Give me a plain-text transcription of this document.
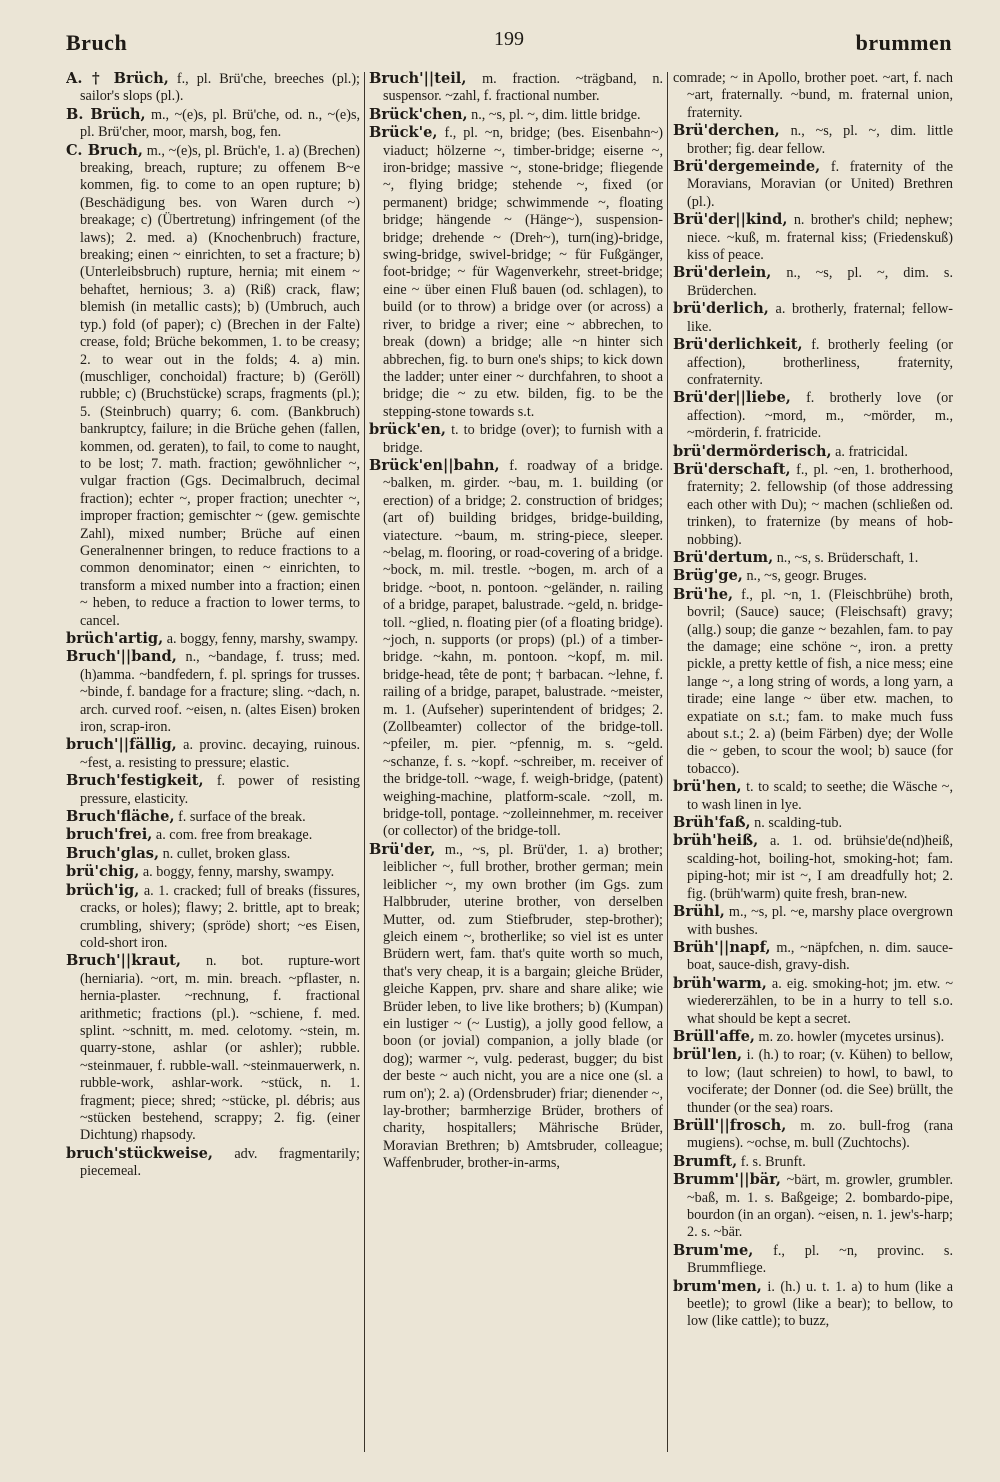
Bruch	199	brummen

A. † Brüch, f., pl. Brü'che, breeches (pl.); sailor's slops (pl.).

B. Brüch, m., ~(e)s, pl. Brü'che, od. n., ~(e)s, pl. Brü'cher, moor, marsh, bog, fen.

C. Bruch, m., ~(e)s, pl. Brüch'e, 1. a) (Brechen) breaking, breach, rupture; zu offenem B~e kommen, fig. to come to an open rupture; b) (Beschädigung bes. von Waren durch ~) breakage; c) (Übertretung) infringement (of the laws); 2. med. a) (Knochenbruch) fracture, breaking; einen ~ einrichten, to set a fracture; b) (Unterleibsbruch) rupture, hernia; mit einem ~ behaftet, hernious; 3. a) (Riß) crack, flaw; blemish (in metallic casts); b) (Umbruch, auch typ.) fold (of paper); c) (Brechen in der Falte) crease, fold; Brüche bekommen, 1. to be creasy; 2. to wear out in the folds; 4. a) min. (muschliger, conchoidal) fracture; b) (Geröll) rubble; c) (Bruchstücke) scraps, fragments (pl.); 5. (Steinbruch) quarry; 6. com. (Bankbruch) bankruptcy, failure; in die Brüche gehen (fallen, kommen, od. geraten), to fail, to come to naught, to be lost; 7. math. fraction; gewöhnlicher ~, vulgar fraction (Ggs. Decimalbruch, decimal fraction); echter ~, proper fraction; unechter ~, improper fraction; gemischter ~ (gew. gemischte Zahl), mixed number; Brüche auf einen Generalnenner bringen, to reduce fractions to a common denominator; einen ~ einrichten, to transform a mixed number into a fraction; einen ~ heben, to reduce a fraction to lower terms, to cancel.

brüch'artig, a. boggy, fenny, marshy, swampy.

Bruch'||band, n., ~bandage, f. truss; med. (h)amma. ~bandfedern, f. pl. springs for trusses. ~binde, f. bandage for a fracture; sling. ~dach, n. arch. curved roof. ~eisen, n. (altes Eisen) broken iron, scrap-iron.

bruch'||fällig, a. provinc. decaying, ruinous. ~fest, a. resisting to pressure; elastic.

Bruch'festigkeit, f. power of resisting pressure, elasticity.

Bruch'fläche, f. surface of the break.

bruch'frei, a. com. free from breakage.

Bruch'glas, n. cullet, broken glass.

brü'chig, a. boggy, fenny, marshy, swampy.

brüch'ig, a. 1. cracked; full of breaks (fissures, cracks, or holes); flawy; 2. brittle, apt to break; crumbling, shivery; (spröde) short; ~es Eisen, cold-short iron.

Bruch'||kraut, n. bot. rupture-wort (herniaria). ~ort, m. min. breach. ~pflaster, n. hernia-plaster. ~rechnung, f. fractional arithmetic; fractions (pl.). ~schiene, f. med. splint. ~schnitt, m. med. celotomy. ~stein, m. quarry-stone, ashlar (or ashler); rubble. ~steinmauer, f. rubble-wall. ~steinmauerwerk, n. rubble-work, ashlar-work. ~stück, n. 1. fragment; piece; shred; ~stücke, pl. débris; aus ~stücken bestehend, scrappy; 2. fig. (einer Dichtung) rhapsody.

bruch'stückweise, adv. fragmentarily; piecemeal.

Bruch'||teil, m. fraction. ~trägband, n. suspensor. ~zahl, f. fractional number.

Brück'chen, n., ~s, pl. ~, dim. little bridge.

Brück'e, f., pl. ~n, bridge; (bes. Eisenbahn~) viaduct; hölzerne ~, timber-bridge; eiserne ~, iron-bridge; massive ~, stone-bridge; fliegende ~, flying bridge; stehende ~, fixed (or permanent) bridge; schwimmende ~, floating bridge; hängende ~ (Hänge~), suspension-bridge; drehende ~ (Dreh~), turn(ing)-bridge, swing-bridge, swivel-bridge; ~ für Fußgänger, foot-bridge; ~ für Wagenverkehr, street-bridge; eine ~ über einen Fluß bauen (od. schlagen), to build (or to throw) a bridge over (or across) a river, to bridge a river; eine ~ abbrechen, to break (down) a bridge; alle ~n hinter sich abbrechen, fig. to burn one's ships; to kick down the ladder; unter einer ~ durchfahren, to shoot a bridge; die ~ zu etw. bilden, fig. to be the stepping-stone towards s.t.

brück'en, t. to bridge (over); to furnish with a bridge.

Brück'en||bahn, f. roadway of a bridge. ~balken, m. girder. ~bau, m. 1. building (or erection) of a bridge; 2. construction of bridges; (art of) building bridges, bridge-building, viatecture. ~baum, m. string-piece, sleeper. ~belag, m. flooring, or road-covering of a bridge. ~bock, m. mil. trestle. ~bogen, m. arch of a bridge. ~boot, n. pontoon. ~geländer, n. railing of a bridge, parapet, balustrade. ~geld, n. bridge-toll. ~glied, n. floating pier (of a floating bridge). ~joch, n. supports (or props) (pl.) of a timber-bridge. ~kahn, m. pontoon. ~kopf, m. mil. bridge-head, tête de pont; † barbacan. ~lehne, f. railing of a bridge, parapet, balustrade. ~meister, m. 1. (Aufseher) superintendent of bridges; 2. (Zollbeamter) collector of the bridge-toll. ~pfeiler, m. pier. ~pfennig, m. s. ~geld. ~schanze, f. s. ~kopf. ~schreiber, m. receiver of the bridge-toll. ~wage, f. weigh-bridge, (patent) weighing-machine, platform-scale. ~zoll, m. bridge-toll, pontage. ~zolleinnehmer, m. receiver (or collector) of the bridge-toll.

Brü'der, m., ~s, pl. Brü'der, 1. a) brother; leiblicher ~, full brother, brother german; mein leiblicher ~, my own brother (im Ggs. zum Halbbruder, uterine brother, von derselben Mutter, od. zum Stiefbruder, step-brother); gleich einem ~, brotherlike; so viel ist es unter Brüdern wert, fam. that's quite worth so much, that's very cheap, it is a bargain; gleiche Brüder, gleiche Kappen, prv. share and share alike; wie Brüder leben, to live like brothers; b) (Kumpan) ein lustiger ~ (~ Lustig), a jolly good fellow, a boon (or jovial) companion, a jolly blade (or dog); warmer ~, vulg. pederast, bugger; du bist der beste ~ auch nicht, you are a nice one (sl. a rum on'); 2. a) (Ordensbruder) friar; dienender ~, lay-brother; barmherzige Brüder, brothers of charity, hospitallers; Mährische Brüder, Moravian Brethren; b) Amtsbruder, colleague; Waffenbruder, brother-in-arms,

comrade; ~ in Apollo, brother poet. ~art, f. nach ~art, fraternally. ~bund, m. fraternal union, fraternity.

Brü'derchen, n., ~s, pl. ~, dim. little brother; fig. dear fellow.

Brü'dergemeinde, f. fraternity of the Moravians, Moravian (or United) Brethren (pl.).

Brü'der||kind, n. brother's child; nephew; niece. ~kuß, m. fraternal kiss; (Friedenskuß) kiss of peace.

Brü'derlein, n., ~s, pl. ~, dim. s. Brüderchen.

brü'derlich, a. brotherly, fraternal; fellow-like.

Brü'derlichkeit, f. brotherly feeling (or affection), brotherliness, fraternity, confraternity.

Brü'der||liebe, f. brotherly love (or affection). ~mord, m., ~mörder, m., ~mörderin, f. fratricide.

brü'dermörderisch, a. fratricidal.

Brü'derschaft, f., pl. ~en, 1. brotherhood, fraternity; 2. fellowship (of those addressing each other with Du); ~ machen (schließen od. trinken), to fraternize (by means of hob-nobbing).

Brü'dertum, n., ~s, s. Brüderschaft, 1.

Brüg'ge, n., ~s, geogr. Bruges.

Brü'he, f., pl. ~n, 1. (Fleischbrühe) broth, bovril; (Sauce) sauce; (Fleischsaft) gravy; (allg.) soup; die ganze ~ bezahlen, fam. to pay the damage; eine schöne ~, iron. a pretty pickle, a pretty kettle of fish, a nice mess; eine lange ~, a long string of words, a long yarn, a tirade; eine lange ~ über etw. machen, to expatiate on s.t.; fam. to make much fuss about s.t.; 2. a) (beim Färben) dye; der Wolle die ~ geben, to scour the wool; b) sauce (for tobacco).

brü'hen, t. to scald; to seethe; die Wäsche ~, to wash linen in lye.

Brüh'faß, n. scalding-tub.

brüh'heiß, a. 1. od. brühsie'de(nd)heiß, scalding-hot, boiling-hot, smoking-hot; fam. piping-hot; mir ist ~, I am dreadfully hot; 2. fig. (brüh'warm) quite fresh, bran-new.

Brühl, m., ~s, pl. ~e, marshy place overgrown with bushes.

Brüh'||napf, m., ~näpfchen, n. dim. sauce-boat, sauce-dish, gravy-dish.

brüh'warm, a. eig. smoking-hot; jm. etw. ~ wiedererzählen, to be in a hurry to tell s.o. what should be kept a secret.

Brüll'affe, m. zo. howler (mycetes ursinus).

brül'len, i. (h.) to roar; (v. Kühen) to bellow, to low; (laut schreien) to howl, to bawl, to vociferate; der Donner (od. die See) brüllt, the thunder (or the sea) roars.

Brüll'||frosch, m. zo. bull-frog (rana mugiens). ~ochse, m. bull (Zuchtochs).

Brumft, f. s. Brunft.

Brumm'||bär, ~bärt, m. growler, grumbler. ~baß, m. 1. s. Baßgeige; 2. bombardo-pipe, bourdon (in an organ). ~eisen, n. 1. jew's-harp; 2. s. ~bär.

Brum'me, f., pl. ~n, provinc. s. Brummfliege.

brum'men, i. (h.) u. t. 1. a) to hum (like a beetle); to growl (like a bear); to bellow, to low (like cattle); to buzz,
